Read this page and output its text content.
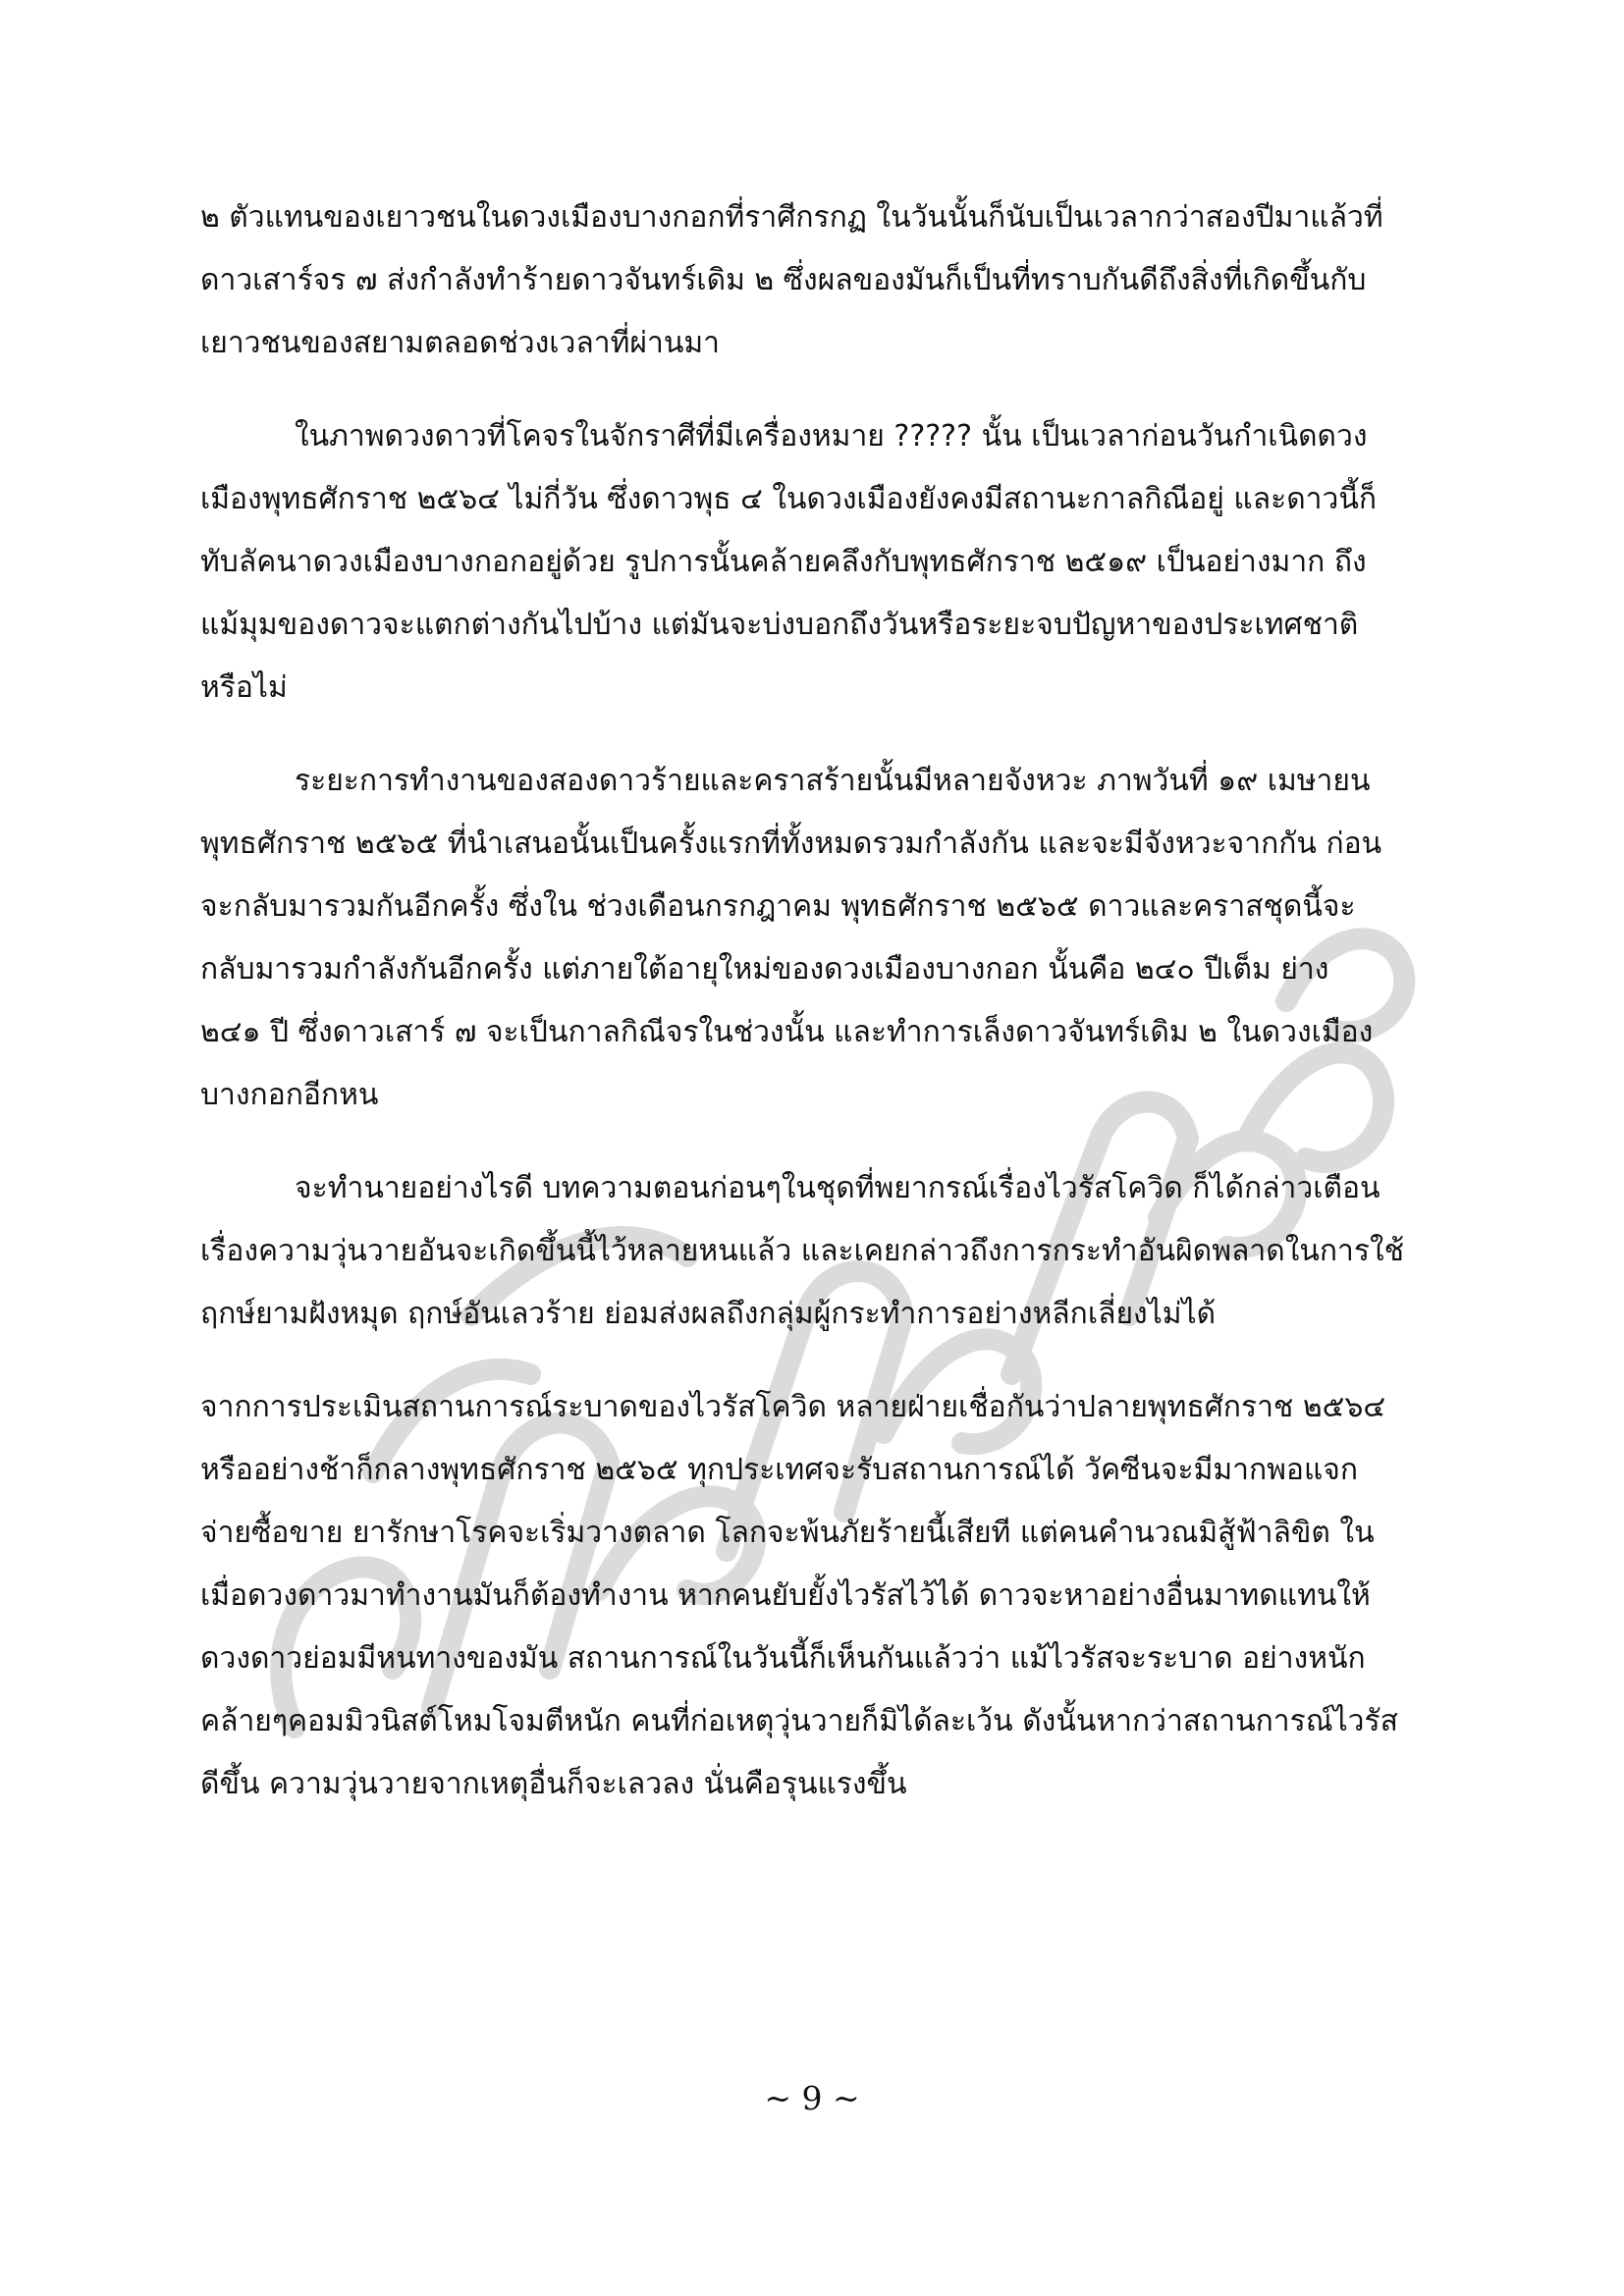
๒ ตัวแทนของเยาวชนในดวงเมืองบางกอกที่ราศีกรกฏ ในวันนั้นก็นับเป็นเวลากว่าสองปีมาแล้วที่
ดาวเสาร์จร ๗ ส่งกำลังทำร้ายดาวจันทร์เดิม ๒ ซึ่งผลของมันก็เป็นที่ทราบกันดีถึงสิ่งที่เกิดขึ้นกับ
เยาวชนของสยามตลอดช่วงเวลาที่ผ่านมา

ในภาพดวงดาวที่โคจรในจักราศีที่มีเครื่องหมาย ????? นั้น เป็นเวลาก่อนวันกำเนิดดวง
เมืองพุทธศักราช ๒๕๖๔ ไม่กี่วัน ซึ่งดาวพุธ ๔ ในดวงเมืองยังคงมีสถานะกาลกิณีอยู่ และดาวนี้ก็
ทับลัคนาดวงเมืองบางกอกอยู่ด้วย รูปการนั้นคล้ายคลึงกับพุทธศักราช ๒๕๑๙ เป็นอย่างมาก ถึง
แม้มุมของดาวจะแตกต่างกันไปบ้าง แต่มันจะบ่งบอกถึงวันหรือระยะจบปัญหาของประเทศชาติ
หรือไม่

ระยะการทำงานของสองดาวร้ายและคราสร้ายนั้นมีหลายจังหวะ ภาพวันที่ ๑๙ เมษายน
พุทธศักราช ๒๕๖๕ ที่นำเสนอนั้นเป็นครั้งแรกที่ทั้งหมดรวมกำลังกัน และจะมีจังหวะจากกัน ก่อน
จะกลับมารวมกันอีกครั้ง ซึ่งใน ช่วงเดือนกรกฎาคม พุทธศักราช ๒๕๖๕ ดาวและคราสชุดนี้จะ
กลับมารวมกำลังกันอีกครั้ง แต่ภายใต้อายุใหม่ของดวงเมืองบางกอก นั้นคือ ๒๔๐ ปีเต็ม ย่าง
๒๔๑ ปี ซึ่งดาวเสาร์ ๗ จะเป็นกาลกิณีจรในช่วงนั้น และทำการเล็งดาวจันทร์เดิม ๒ ในดวงเมือง
บางกอกอีกหน

จะทำนายอย่างไรดี บทความตอนก่อนๆในชุดที่พยากรณ์เรื่องไวรัสโควิด ก็ได้กล่าวเตือน
เรื่องความวุ่นวายอันจะเกิดขึ้นนี้ไว้หลายหนแล้ว และเคยกล่าวถึงการกระทำอันผิดพลาดในการใช้
ฤกษ์ยามฝังหมุด ฤกษ์อันเลวร้าย ย่อมส่งผลถึงกลุ่มผู้กระทำการอย่างหลีกเลี่ยงไม่ได้

จากการประเมินสถานการณ์ระบาดของไวรัสโควิด หลายฝ่ายเชื่อกันว่าปลายพุทธศักราช ๒๕๖๔
หรืออย่างช้าก็กลางพุทธศักราช ๒๕๖๕ ทุกประเทศจะรับสถานการณ์ได้ วัคซีนจะมีมากพอแจก
จ่ายซื้อขาย ยารักษาโรคจะเริ่มวางตลาด โลกจะพ้นภัยร้ายนี้เสียที แต่คนคำนวณมิสู้ฟ้าลิขิต ใน
เมื่อดวงดาวมาทำงานมันก็ต้องทำงาน หากคนยับยั้งไวรัสไว้ได้ ดาวจะหาอย่างอื่นมาทดแทนให้
ดวงดาวย่อมมีหนทางของมัน สถานการณ์ในวันนี้ก็เห็นกันแล้วว่า แม้ไวรัสจะระบาด อย่างหนัก
คล้ายๆคอมมิวนิสต์โหมโจมตีหนัก คนที่ก่อเหตุวุ่นวายก็มิได้ละเว้น ดังนั้นหากว่าสถานการณ์ไวรัส
ดีขึ้น ความวุ่นวายจากเหตุอื่นก็จะเลวลง นั่นคือรุนแรงขึ้น

~ 9 ~
